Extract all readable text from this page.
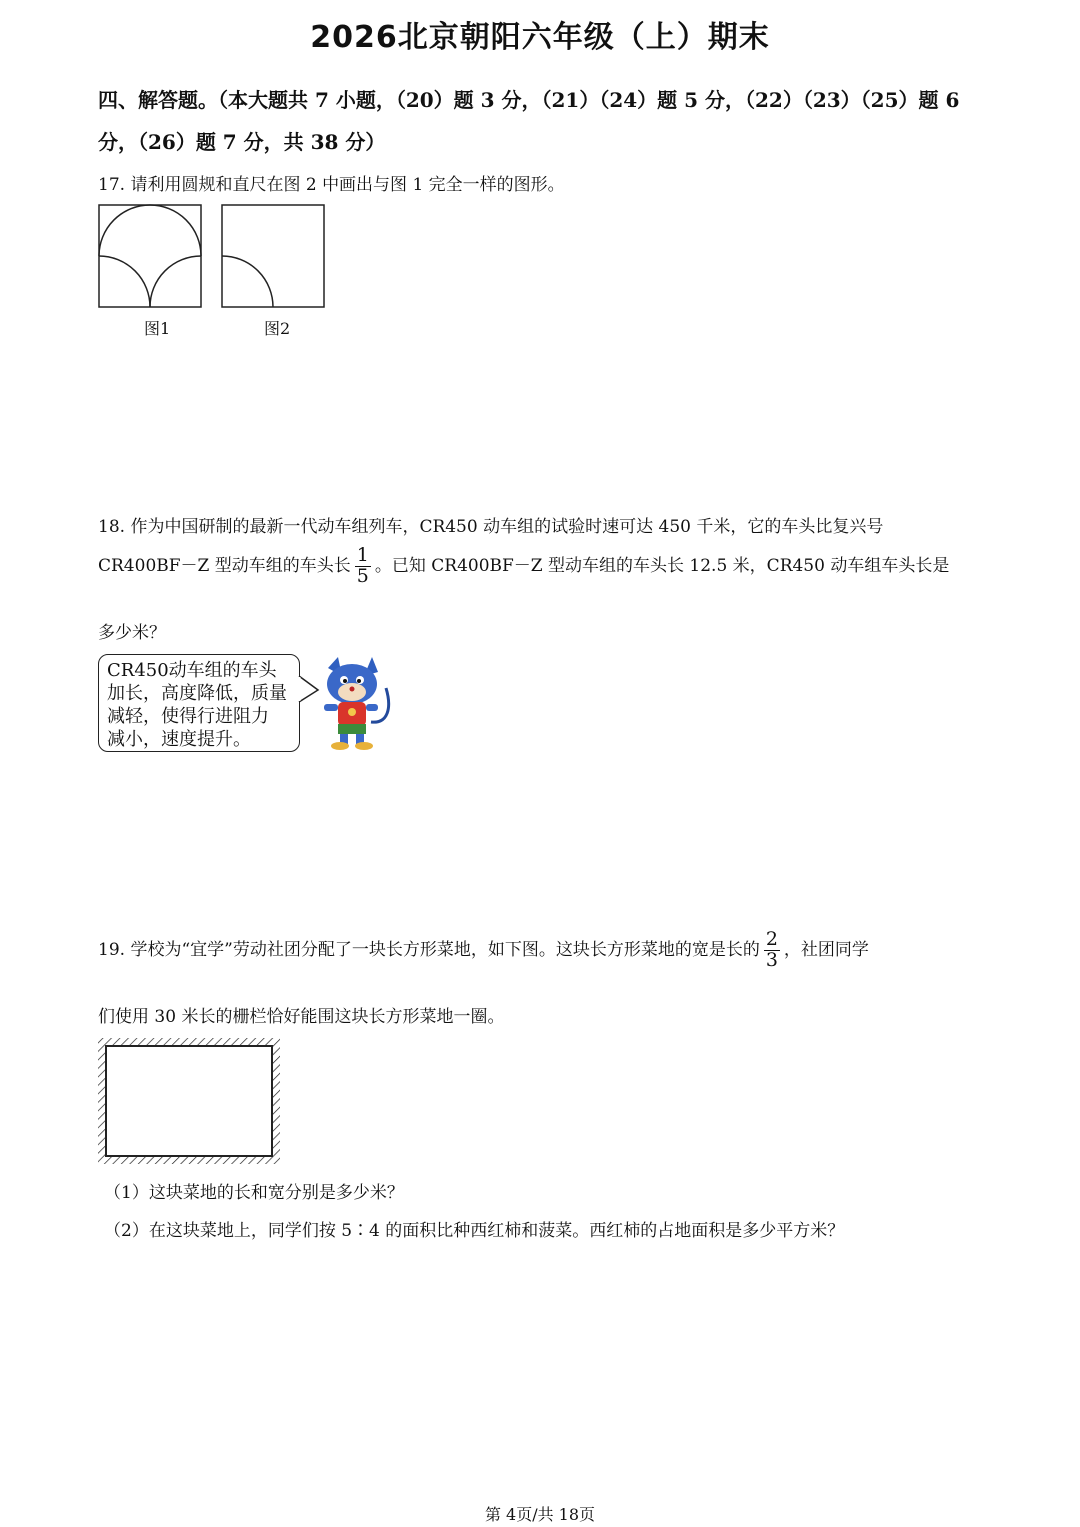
2026北京朝阳六年级（上）期末
四、解答题。（本大题共 7 小题，（20）题 3 分，（21）（24）题 5 分，（22）（23）（25）题 6
分，（26）题 7 分，共 38 分）
17. 请利用圆规和直尺在图 2 中画出与图 1 完全一样的图形。
图1	图2
18. 作为中国研制的最新一代动车组列车，CR450 动车组的试验时速可达 450 千米，它的车头比复兴号
CR400BF－Z 型动车组的车头长 $\frac{1}{5}$ 。已知 CR400BF－Z 型动车组的车头长 12.5 米，CR450 动车组车头长是
多少米？
CR450动车组的车头
加长，高度降低，质量
减轻，使得行进阻力
减小，速度提升。
19. 学校为“宜学”劳动社团分配了一块长方形菜地，如下图。这块长方形菜地的宽是长的 $\frac{2}{3}$ ，社团同学
们使用 30 米长的栅栏恰好能围这块长方形菜地一圈。
（1）这块菜地的长和宽分别是多少米？
（2）在这块菜地上，同学们按 5∶4 的面积比种西红柿和菠菜。西红柿的占地面积是多少平方米？
第 4页/共 18页
